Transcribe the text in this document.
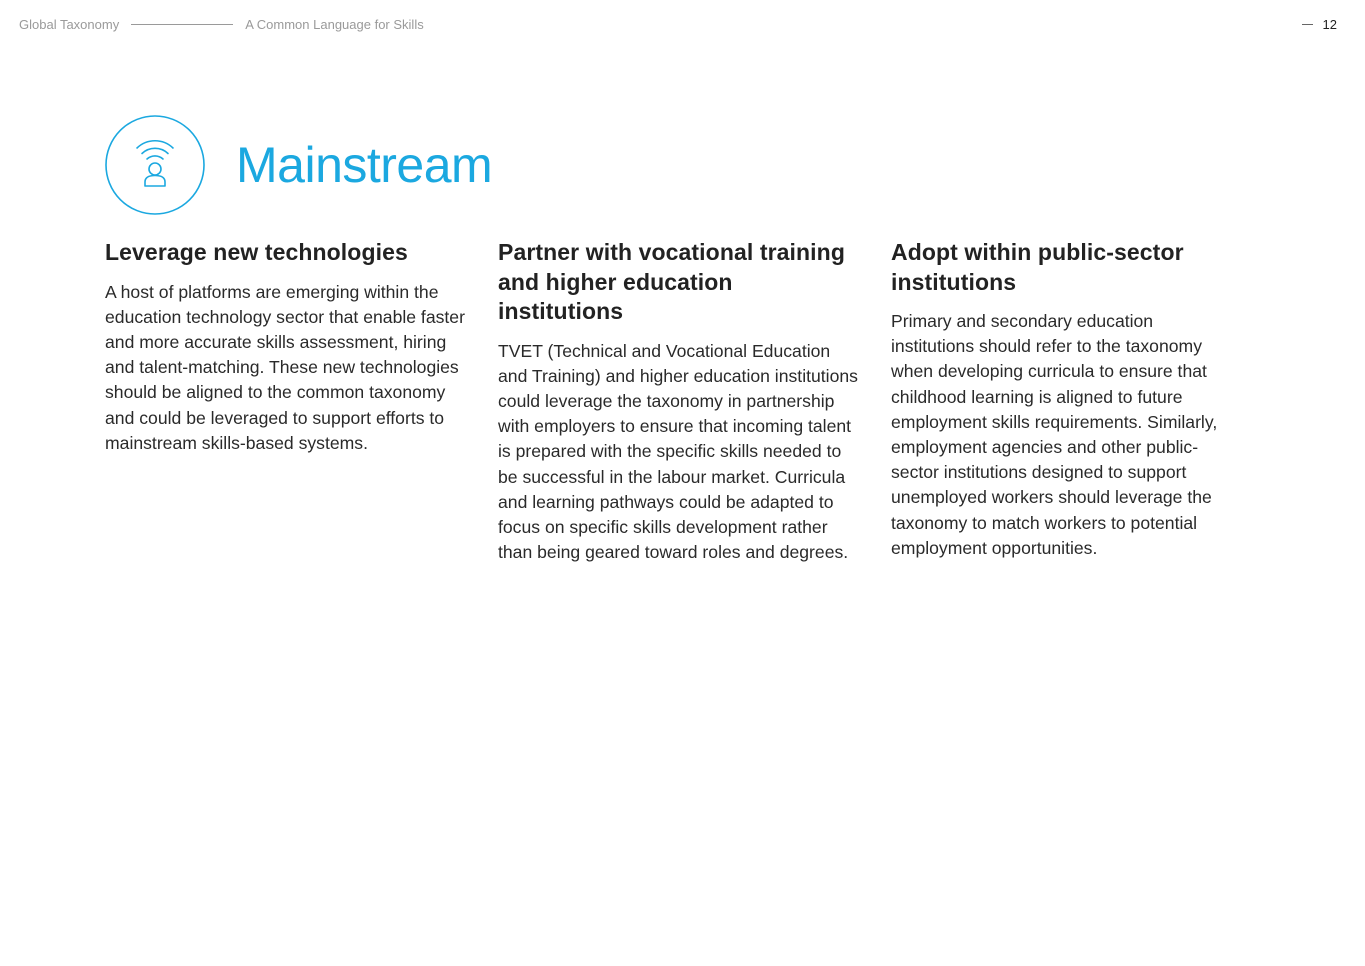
Global Taxonomy	A Common Language for Skills	12
Mainstream
Leverage new technologies

A host of platforms are emerging within the education technology sector that enable faster and more accurate skills assessment, hiring and talent-matching. These new technologies should be aligned to the common taxonomy and could be leveraged to support efforts to mainstream skills-based systems.

Partner with vocational training and higher education institutions

TVET (Technical and Vocational Education and Training) and higher education institutions could leverage the taxonomy in partnership with employers to ensure that incoming talent is prepared with the specific skills needed to be successful in the labour market. Curricula and learning pathways could be adapted to focus on specific skills development rather than being geared toward roles and degrees.

Adopt within public-sector institutions

Primary and secondary education institutions should refer to the taxonomy when developing curricula to ensure that childhood learning is aligned to future employment skills requirements. Similarly, employment agencies and other public-sector institutions designed to support unemployed workers should leverage the taxonomy to match workers to potential employment opportunities.
